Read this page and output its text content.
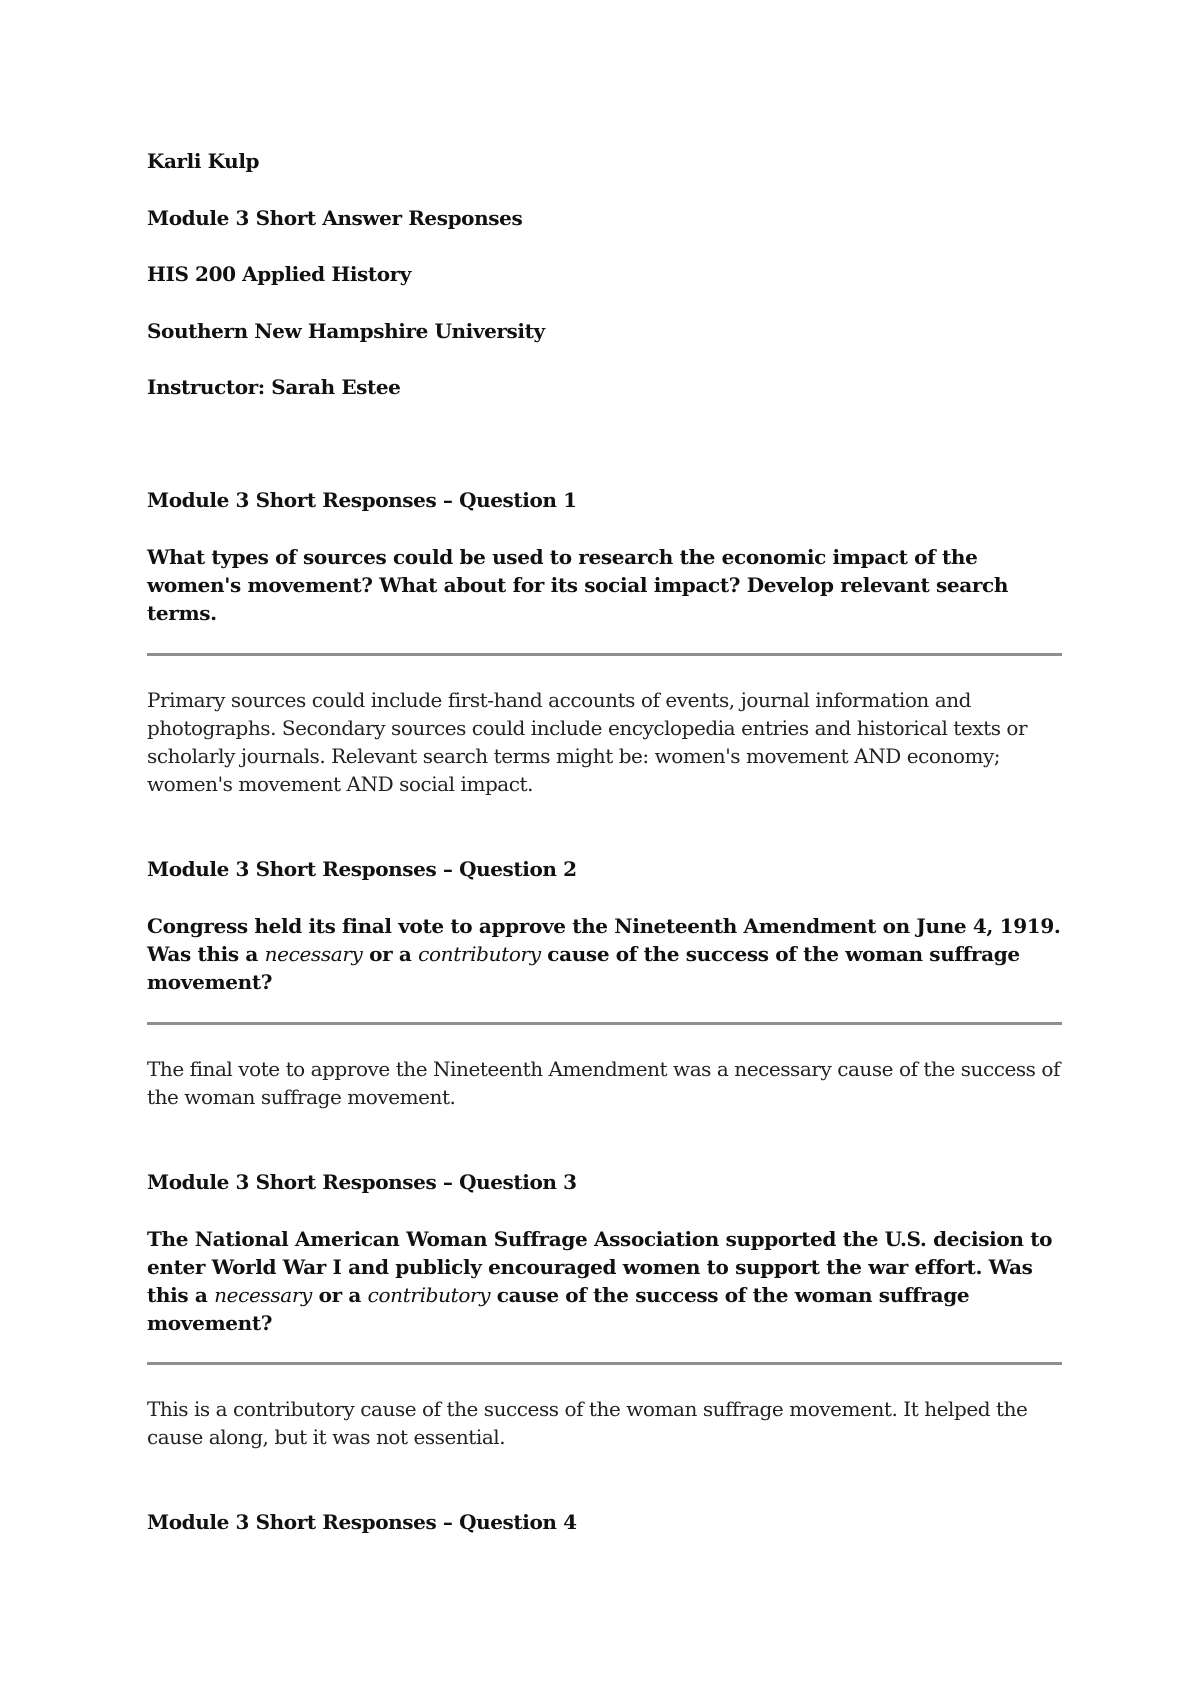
Karli Kulp
Module 3 Short Answer Responses
HIS 200 Applied History
Southern New Hampshire University
Instructor: Sarah Estee
Module 3 Short Responses – Question 1
What types of sources could be used to research the economic impact of the women's movement? What about for its social impact? Develop relevant search terms.
Primary sources could include first-hand accounts of events, journal information and photographs. Secondary sources could include encyclopedia entries and historical texts or scholarly journals. Relevant search terms might be: women's movement AND economy; women's movement AND social impact.
Module 3 Short Responses – Question 2
Congress held its final vote to approve the Nineteenth Amendment on June 4, 1919. Was this a necessary or a contributory cause of the success of the woman suffrage movement?
The final vote to approve the Nineteenth Amendment was a necessary cause of the success of the woman suffrage movement.
Module 3 Short Responses – Question 3
The National American Woman Suffrage Association supported the U.S. decision to enter World War I and publicly encouraged women to support the war effort. Was this a necessary or a contributory cause of the success of the woman suffrage movement?
This is a contributory cause of the success of the woman suffrage movement. It helped the cause along, but it was not essential.
Module 3 Short Responses – Question 4
